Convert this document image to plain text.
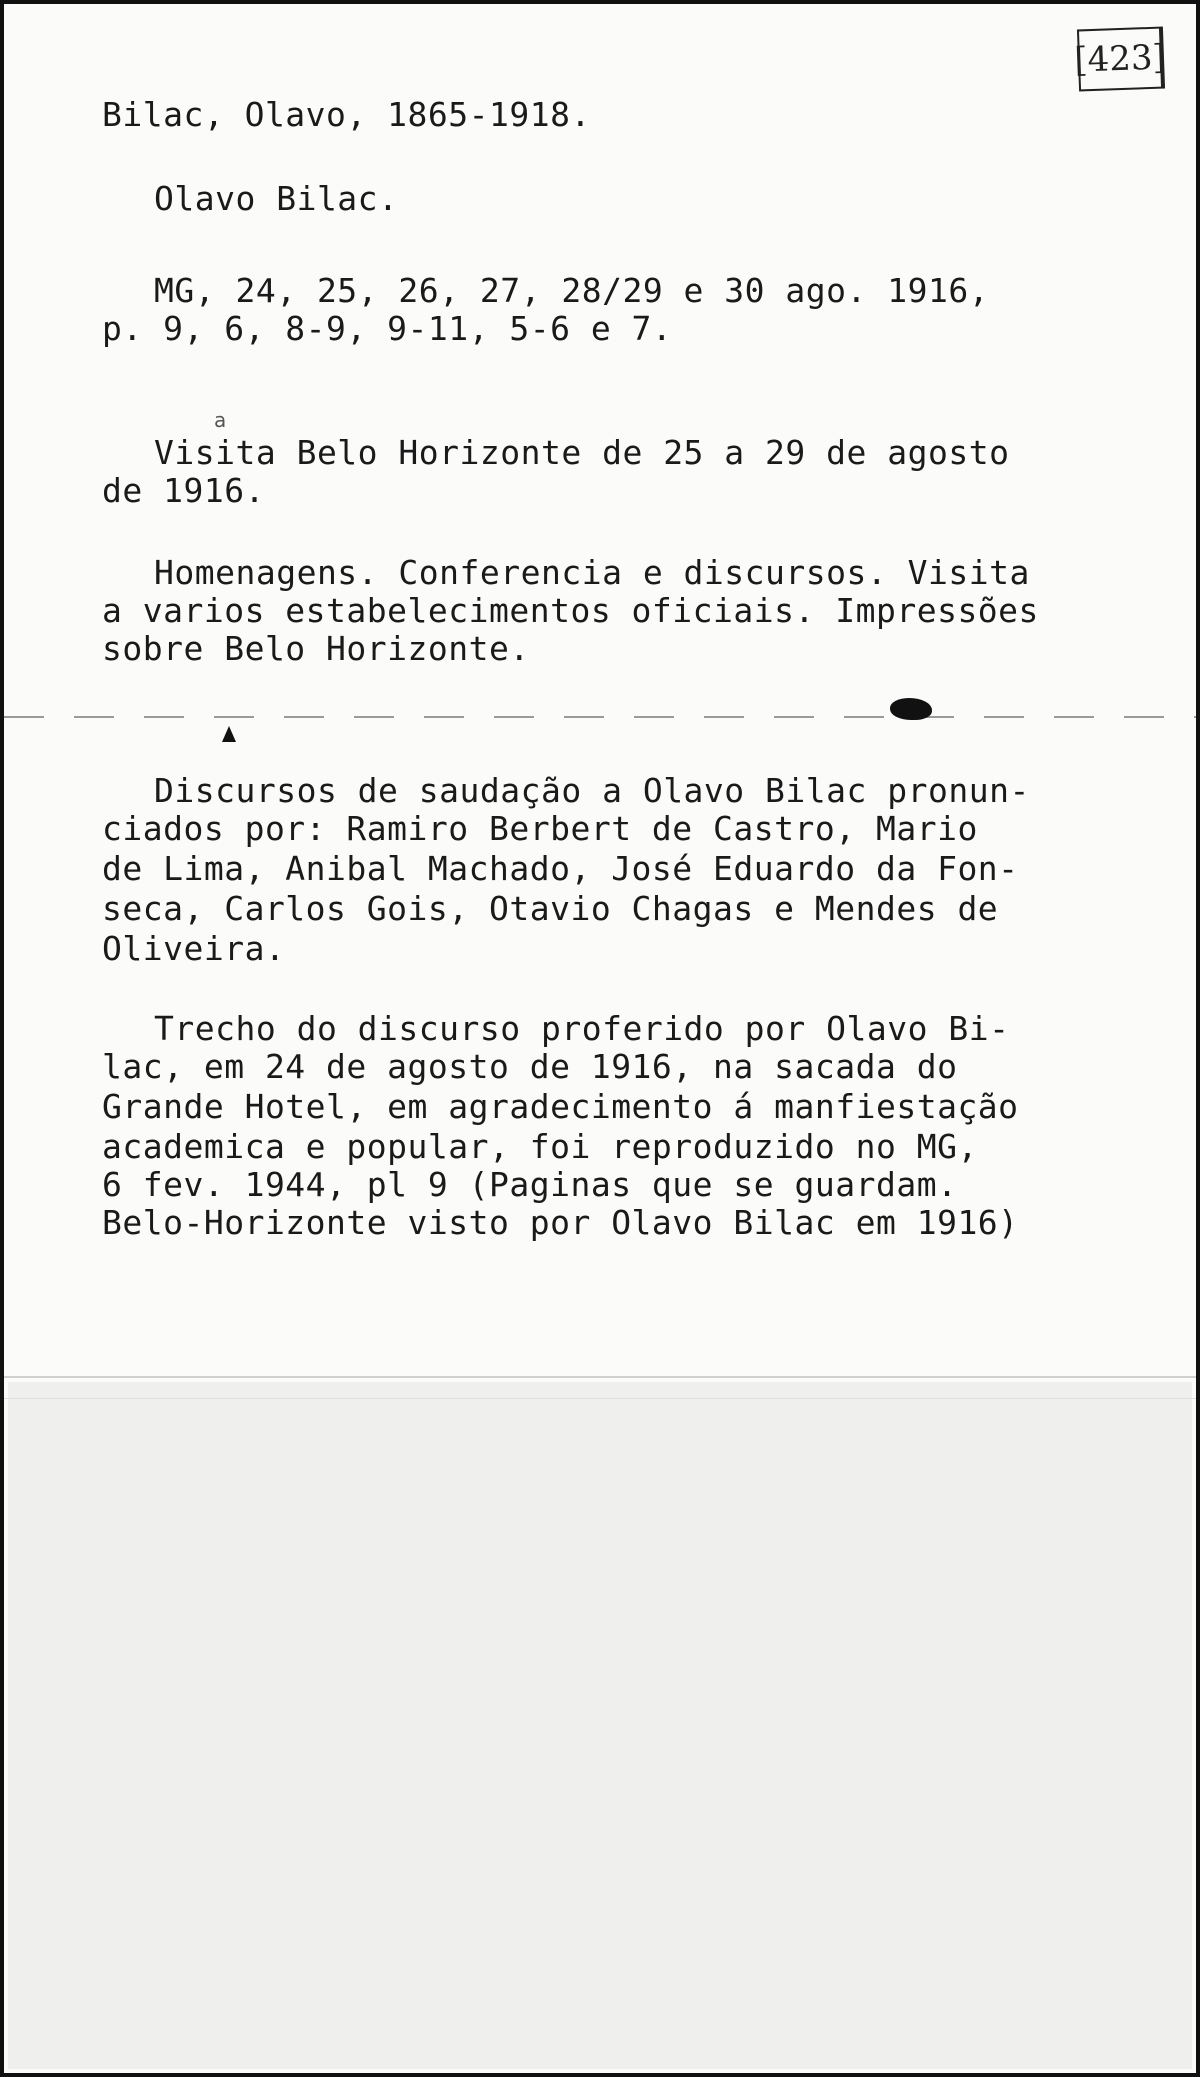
[423]
Bilac, Olavo, 1865-1918.
Olavo Bilac.
MG, 24, 25, 26, 27, 28/29 e 30 ago. 1916,
p. 9, 6, 8-9, 9-11, 5-6 e 7.
a
Visita Belo Horizonte de 25 a 29 de agosto
de 1916.
Homenagens. Conferencia e discursos. Visita
a varios estabelecimentos oficiais. Impressões
sobre Belo Horizonte.
Discursos de saudação a Olavo Bilac pronun-
ciados por: Ramiro Berbert de Castro, Mario
de Lima, Anibal Machado, José Eduardo da Fon-
seca, Carlos Gois, Otavio Chagas e Mendes de
Oliveira.
Trecho do discurso proferido por Olavo Bi-
lac, em 24 de agosto de 1916, na sacada do
Grande Hotel, em agradecimento á manfiestação
academica e popular, foi reproduzido no MG,
6 fev. 1944, pl 9 (Paginas que se guardam.
Belo-Horizonte visto por Olavo Bilac em 1916)
